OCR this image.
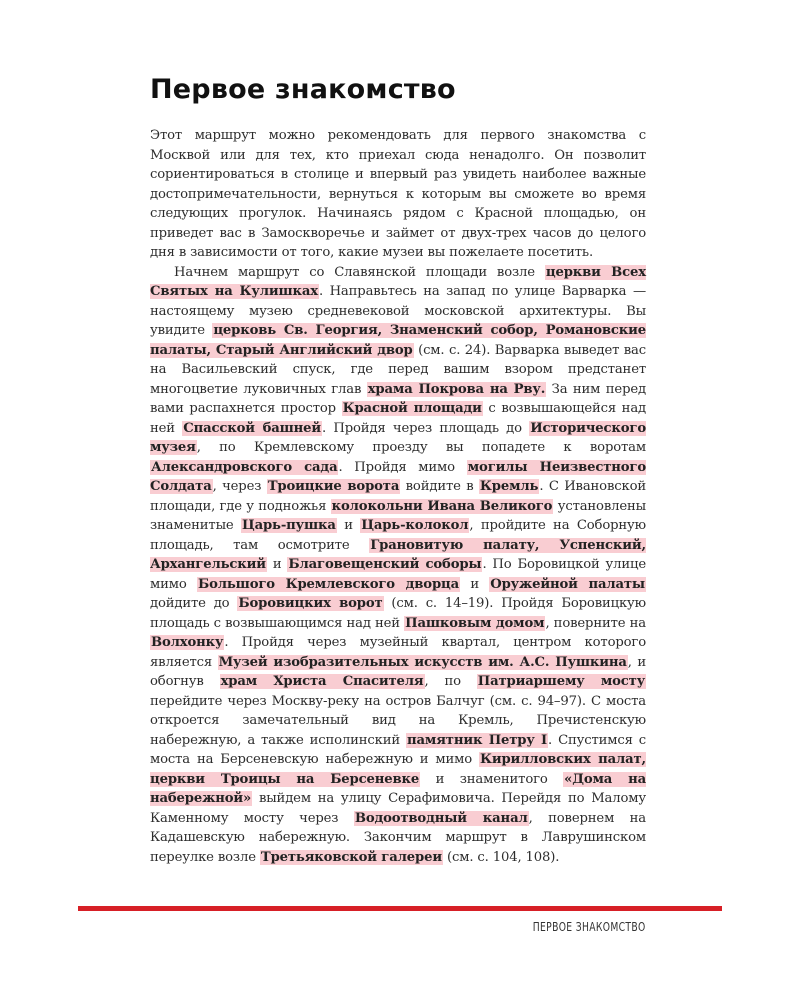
Первое знакомство

Этот маршрут можно рекомендовать для первого знакомства с Москвой или для тех, кто приехал сюда ненадолго. Он позволит сориентироваться в столице и впервый раз увидеть наиболее важные достопримечательности, вернуться к которым вы сможете во время следующих прогулок. Начинаясь рядом с Красной площадью, он приведет вас в Замоскворечье и займет от двух-трех часов до целого дня в зависимости от того, какие музеи вы пожелаете посетить.

Начнем маршрут со Славянской площади возле церкви Всех Святых на Кулишках. Направьтесь на запад по улице Варварка — настоящему музею средневековой московской архитектуры. Вы увидите церковь Св. Георгия, Знаменский собор, Романовские палаты, Старый Английский двор (см. с. 24). Варварка выведет вас на Васильевский спуск, где перед вашим взором предстанет многоцветие луковичных глав храма Покрова на Рву. За ним перед вами распахнется простор Красной площади с возвышающейся над ней Спасской башней. Пройдя через площадь до Исторического музея, по Кремлевскому проезду вы попадете к воротам Александровского сада. Пройдя мимо могилы Неизвестного Солдата, через Троицкие ворота войдите в Кремль. С Ивановской площади, где у подножья колокольни Ивана Великого установлены знаменитые Царь-пушка и Царь-колокол, пройдите на Соборную площадь, там осмотрите Грановитую палату, Успенский, Архангельский и Благовещенский соборы. По Боровицкой улице мимо Большого Кремлевского дворца и Оружейной палаты дойдите до Боровицких ворот (см. с. 14–19). Пройдя Боровицкую площадь с возвышающимся над ней Пашковым домом, поверните на Волхонку. Пройдя через музейный квартал, центром которого является Музей изобразительных искусств им. А.С. Пушкина, и обогнув храм Христа Спасителя, по Патриаршему мосту перейдите через Москву-реку на остров Балчуг (см. с. 94–97). С моста откроется замечательный вид на Кремль, Пречистенскую набережную, а также исполинский памятник Петру I. Спустимся с моста на Берсеневскую набережную и мимо Кирилловских палат, церкви Троицы на Берсеневке и знаменитого «Дома на набережной» выйдем на улицу Серафимовича. Перейдя по Малому Каменному мосту через Водоотводный канал, повернем на Кадашевскую набережную. Закончим маршрут в Лаврушинском переулке возле Третьяковской галереи (см. с. 104, 108).

ПЕРВОЕ ЗНАКОМСТВО
